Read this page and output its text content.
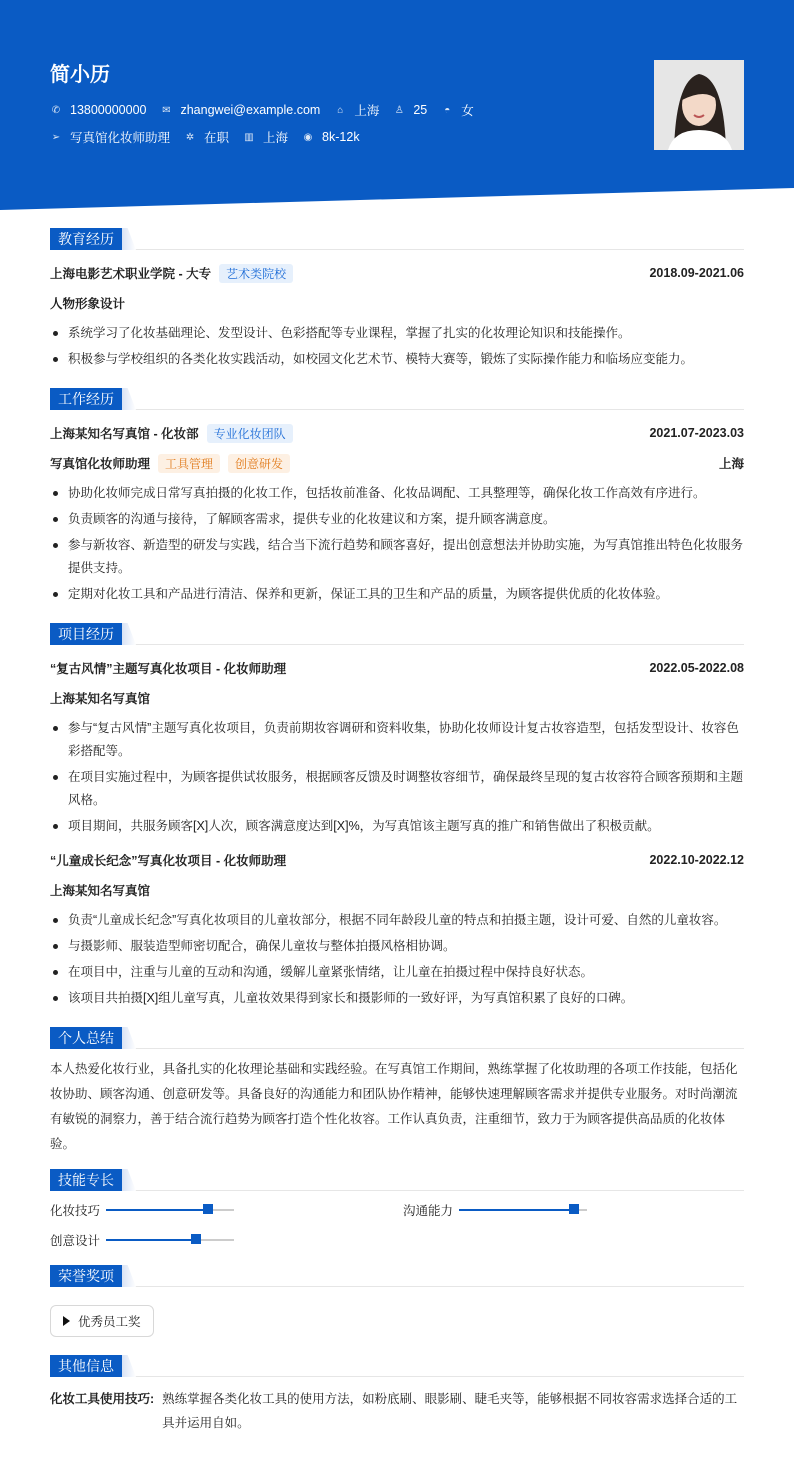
简小历
✆ 13800000000 ✉ zhangwei@example.com ⌂ 上海 ♙ 25 ◓ 女
➢ 写真馆化妆师助理 ✲ 在职 ▥ 上海 ◉ 8k-12k
教育经历
上海电影艺术职业学院 - 大专 艺术类院校	2018.09-2021.06
人物形象设计
系统学习了化妆基础理论、发型设计、色彩搭配等专业课程，掌握了扎实的化妆理论知识和技能操作。
积极参与学校组织的各类化妆实践活动，如校园文化艺术节、模特大赛等，锻炼了实际操作能力和临场应变能力。
工作经历
上海某知名写真馆 - 化妆部 专业化妆团队	2021.07-2023.03
写真馆化妆师助理 工具管理 创意研发	上海
协助化妆师完成日常写真拍摄的化妆工作，包括妆前准备、化妆品调配、工具整理等，确保化妆工作高效有序进行。
负责顾客的沟通与接待，了解顾客需求，提供专业的化妆建议和方案，提升顾客满意度。
参与新妆容、新造型的研发与实践，结合当下流行趋势和顾客喜好，提出创意想法并协助实施，为写真馆推出特色化妆服务提供支持。
定期对化妆工具和产品进行清洁、保养和更新，保证工具的卫生和产品的质量，为顾客提供优质的化妆体验。
项目经历
“复古风情”主题写真化妆项目 - 化妆师助理	2022.05-2022.08
上海某知名写真馆
参与“复古风情”主题写真化妆项目，负责前期妆容调研和资料收集，协助化妆师设计复古妆容造型，包括发型设计、妆容色彩搭配等。
在项目实施过程中，为顾客提供试妆服务，根据顾客反馈及时调整妆容细节，确保最终呈现的复古妆容符合顾客预期和主题风格。
项目期间，共服务顾客[X]人次，顾客满意度达到[X]%，为写真馆该主题写真的推广和销售做出了积极贡献。
“儿童成长纪念”写真化妆项目 - 化妆师助理	2022.10-2022.12
上海某知名写真馆
负责“儿童成长纪念”写真化妆项目的儿童妆部分，根据不同年龄段儿童的特点和拍摄主题，设计可爱、自然的儿童妆容。
与摄影师、服装造型师密切配合，确保儿童妆与整体拍摄风格相协调。
在项目中，注重与儿童的互动和沟通，缓解儿童紧张情绪，让儿童在拍摄过程中保持良好状态。
该项目共拍摄[X]组儿童写真，儿童妆效果得到家长和摄影师的一致好评，为写真馆积累了良好的口碑。
个人总结

本人热爱化妆行业，具备扎实的化妆理论基础和实践经验。在写真馆工作期间，熟练掌握了化妆助理的各项工作技能，包括化妆协助、顾客沟通、创意研发等。具备良好的沟通能力和团队协作精神，能够快速理解顾客需求并提供专业服务。对时尚潮流有敏锐的洞察力，善于结合流行趋势为顾客打造个性化妆容。工作认真负责，注重细节，致力于为顾客提供高品质的化妆体验。

技能专长
化妆技巧	沟通能力
创意设计
荣誉奖项
优秀员工奖
其他信息
化妆工具使用技巧: 熟练掌握各类化妆工具的使用方法，如粉底刷、眼影刷、睫毛夹等，能够根据不同妆容需求选择合适的工具并运用自如。
